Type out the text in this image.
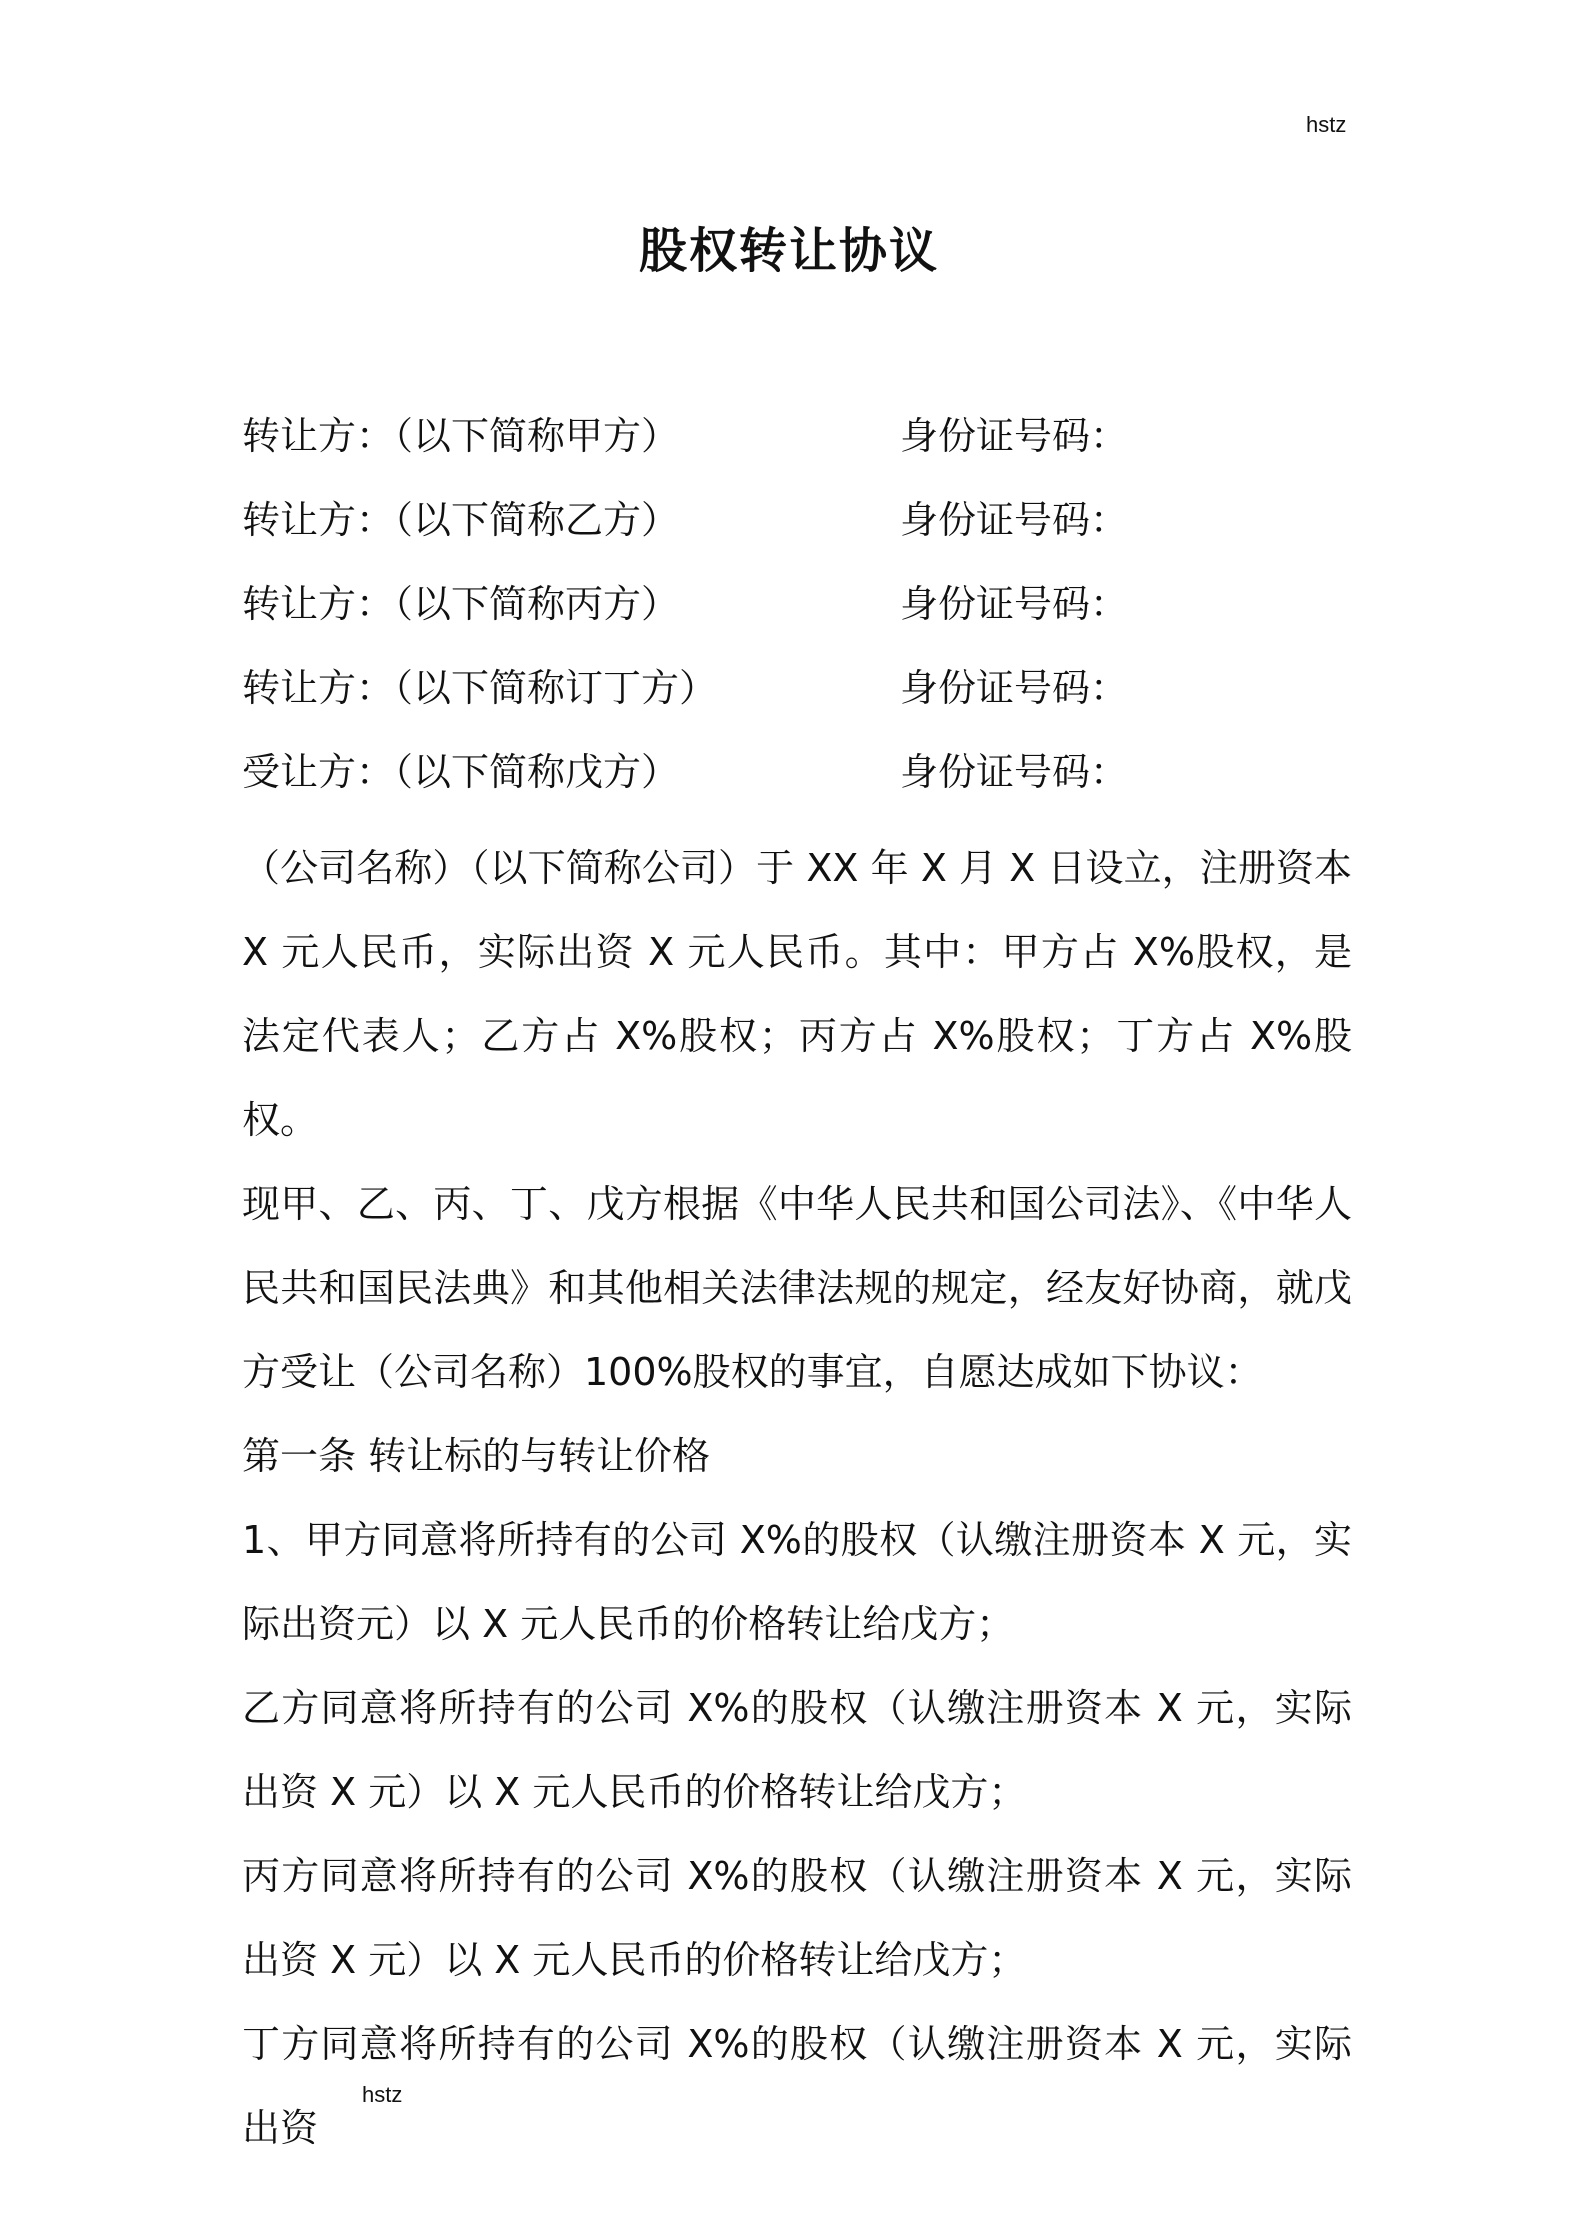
hstz
股权转让协议
转让方：（以下简称甲方）	身份证号码：
转让方：（以下简称乙方）	身份证号码：
转让方：（以下简称丙方）	身份证号码：
转让方：（以下简称订丁方）	身份证号码：
受让方：（以下简称戊方）	身份证号码：

（公司名称）（以下简称公司）于 XX 年 X 月 X 日设立，注册资本 X 元人民币，实际出资 X 元人民币。其中：甲方占 X%股权，是法定代表人；乙方占 X%股权；丙方占 X%股权；丁方占 X%股权。

现甲、乙、丙、丁、戊方根据《中华人民共和国公司法》、《中华人民共和国民法典》和其他相关法律法规的规定，经友好协商，就戊方受让（公司名称）100%股权的事宜，自愿达成如下协议：

第一条 转让标的与转让价格

1、甲方同意将所持有的公司 X%的股权（认缴注册资本 X 元，实际出资元）以 X 元人民币的价格转让给戊方；

乙方同意将所持有的公司 X%的股权（认缴注册资本 X 元，实际出资 X 元）以 X 元人民币的价格转让给戊方；

丙方同意将所持有的公司 X%的股权（认缴注册资本 X 元，实际出资 X 元）以 X 元人民币的价格转让给戊方；

丁方同意将所持有的公司 X%的股权（认缴注册资本 X 元，实际出资

hstz
